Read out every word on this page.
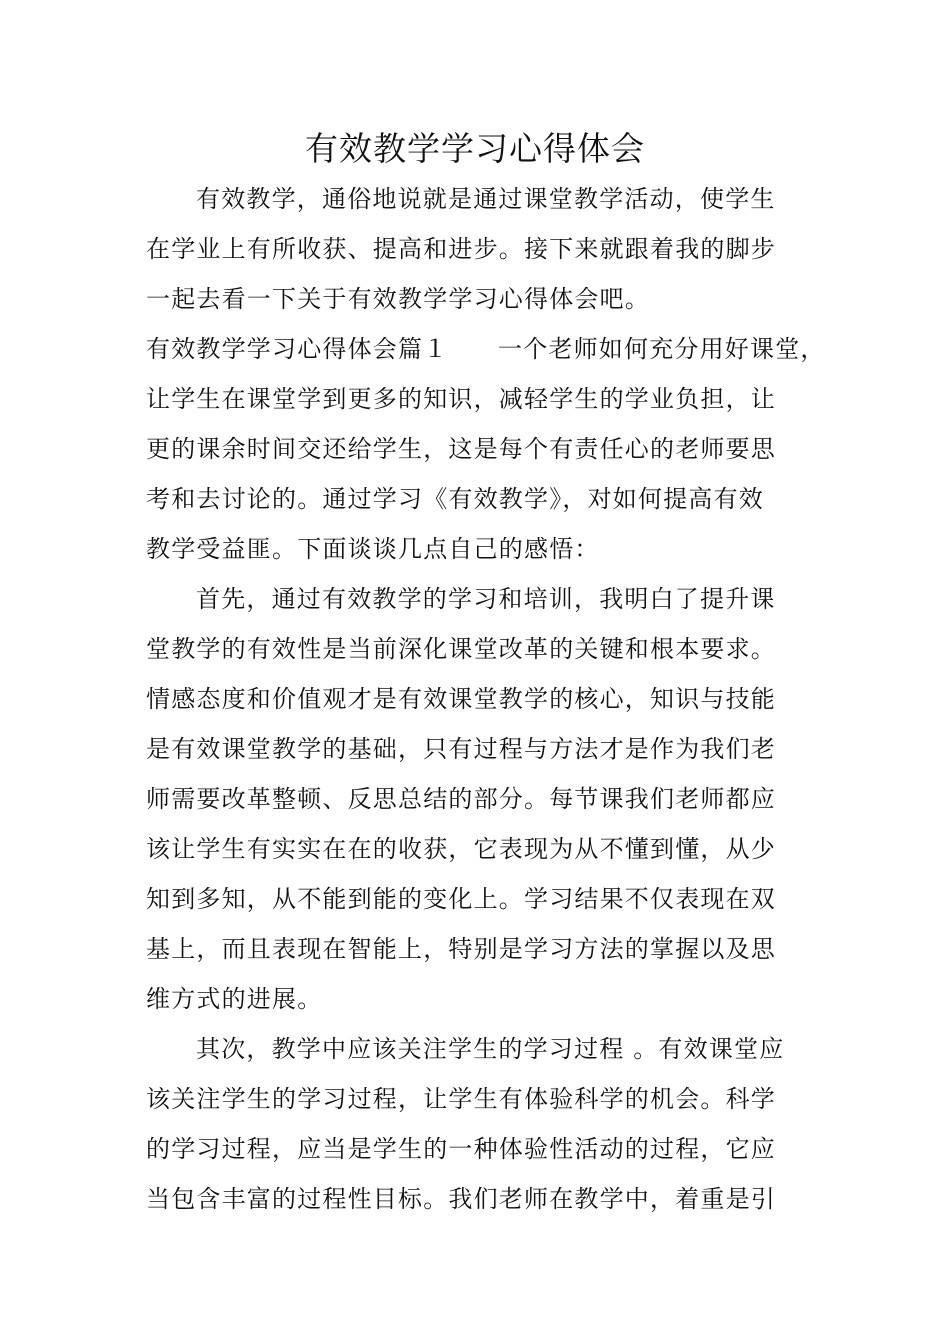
有效教学学习心得体会
有效教学，通俗地说就是通过课堂教学活动，使学生
在学业上有所收获、提高和进步。接下来就跟着我的脚步
一起去看一下关于有效教学学习心得体会吧。
有效教学学习心得体会篇１ 一个老师如何充分用好课堂，
让学生在课堂学到更多的知识，减轻学生的学业负担，让
更的课余时间交还给学生，这是每个有责任心的老师要思
考和去讨论的。通过学习《有效教学》，对如何提高有效
教学受益匪。下面谈谈几点自己的感悟：
首先，通过有效教学的学习和培训，我明白了提升课
堂教学的有效性是当前深化课堂改革的关键和根本要求。
情感态度和价值观才是有效课堂教学的核心，知识与技能
是有效课堂教学的基础，只有过程与方法才是作为我们老
师需要改革整顿、反思总结的部分。每节课我们老师都应
该让学生有实实在在的收获，它表现为从不懂到懂，从少
知到多知，从不能到能的变化上。学习结果不仅表现在双
基上，而且表现在智能上，特别是学习方法的掌握以及思
维方式的进展。
其次，教学中应该关注学生的学习过程 。有效课堂应
该关注学生的学习过程，让学生有体验科学的机会。科学
的学习过程，应当是学生的一种体验性活动的过程，它应
当包含丰富的过程性目标。我们老师在教学中，着重是引
